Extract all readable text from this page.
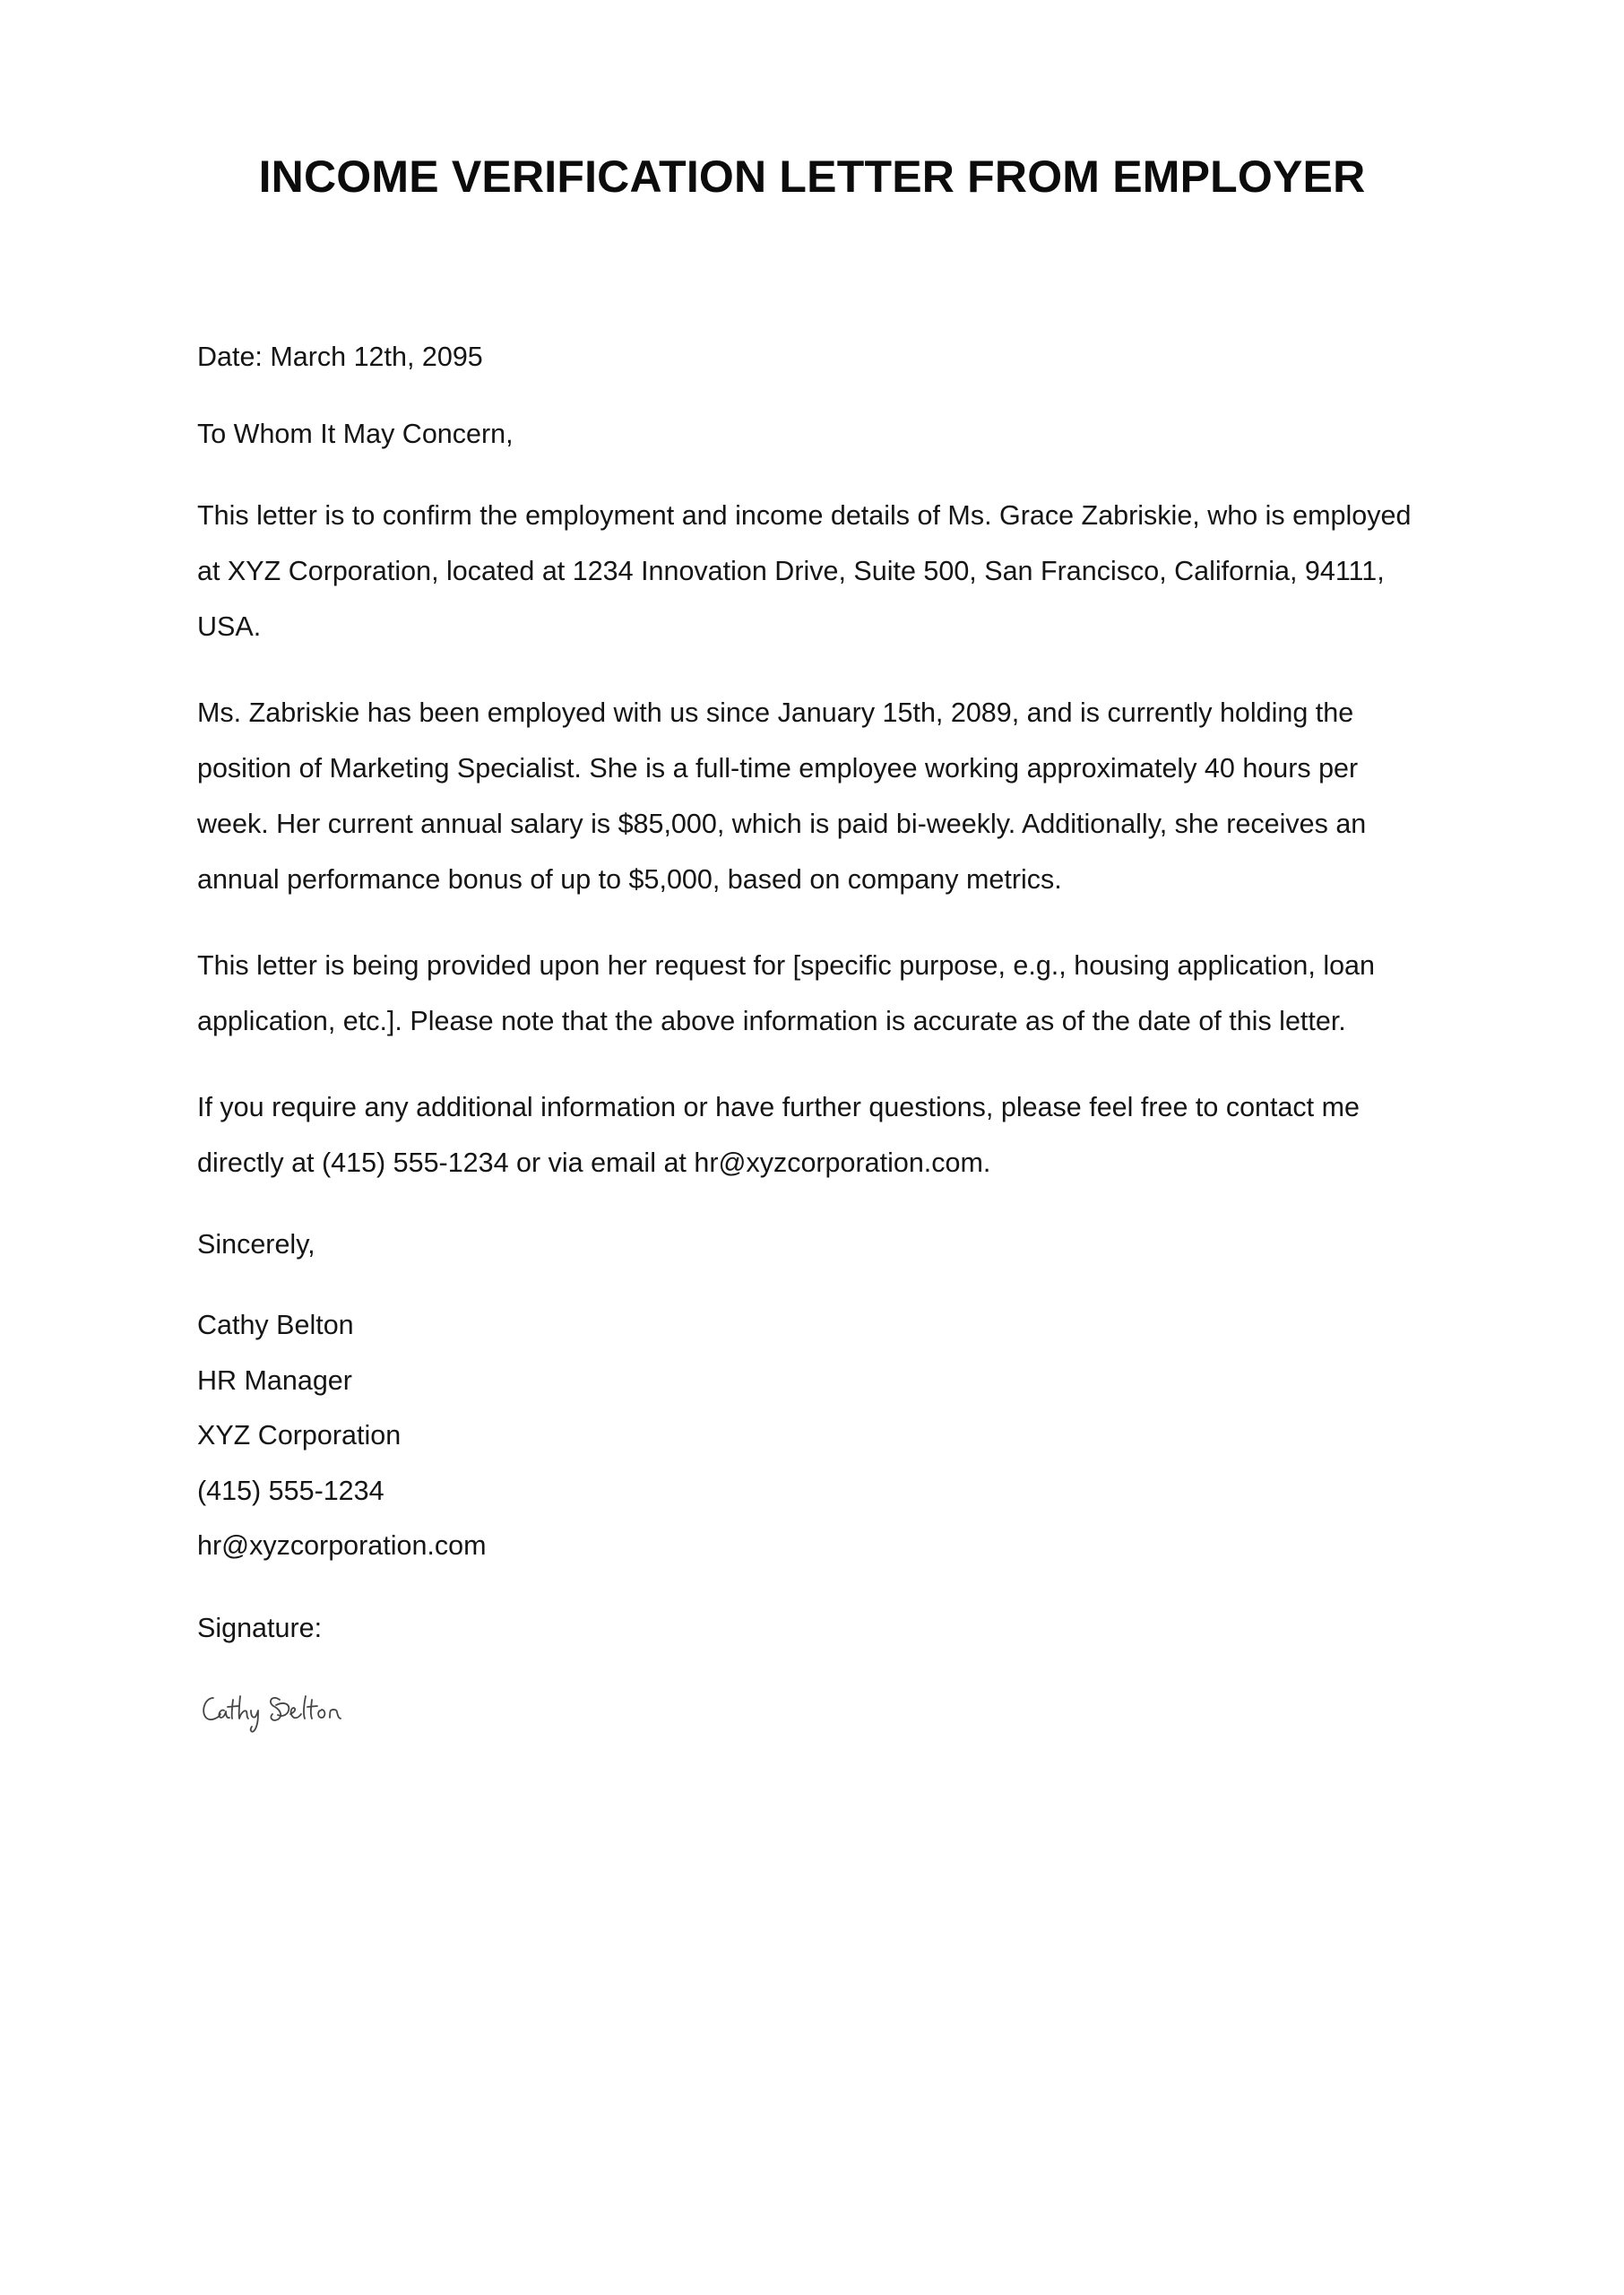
INCOME VERIFICATION LETTER FROM EMPLOYER

Date: March 12th, 2095

To Whom It May Concern,

This letter is to confirm the employment and income details of Ms. Grace Zabriskie, who is employed at XYZ Corporation, located at 1234 Innovation Drive, Suite 500, San Francisco, California, 94111, USA.

Ms. Zabriskie has been employed with us since January 15th, 2089, and is currently holding the position of Marketing Specialist. She is a full-time employee working approximately 40 hours per week. Her current annual salary is $85,000, which is paid bi-weekly. Additionally, she receives an annual performance bonus of up to $5,000, based on company metrics.

This letter is being provided upon her request for [specific purpose, e.g., housing application, loan application, etc.]. Please note that the above information is accurate as of the date of this letter.

If you require any additional information or have further questions, please feel free to contact me directly at (415) 555-1234 or via email at hr@xyzcorporation.com.

Sincerely,

Cathy Belton
HR Manager
XYZ Corporation
(415) 555-1234
hr@xyzcorporation.com

Signature:
